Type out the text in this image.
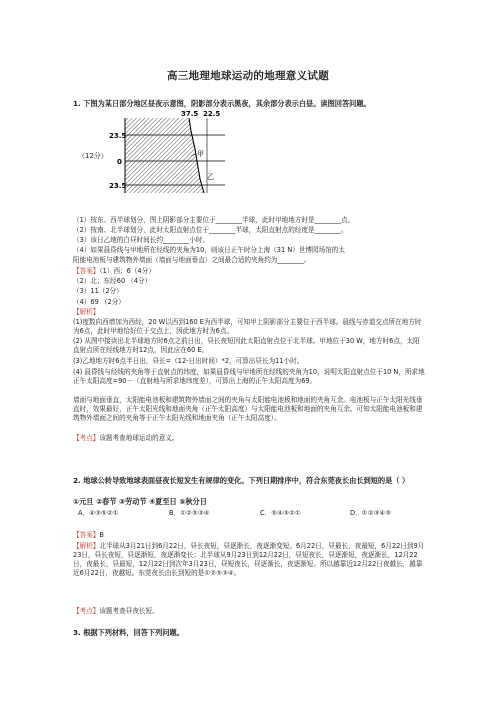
高三地理地球运动的地理意义试题
1. 下图为某日部分地区昼夜示意图，阴影部分表示黑夜，其余部分表示白昼。读图回答问题。
（12分）
37.5 22.5
23.5
0
23.5
甲
乙
（1）按东、西半球划分，图上阴影部分主要位于________半球，此时甲地地方时是________点。
（2）按南、北半球划分，此时太阳直射点位于________半球，太阳直射点的经度是________。
（3）该日乙地的白昼时间长约________小时。
（4）如果晨昏线与甲地所在经线的夹角为10，则该日正午时分上海（31 N）世博园场馆的太
阳能电池板与建筑物外墙面（墙面与地面垂直）之间最合适的夹角约为________。
【答案】（1）西；6（4分）
（2）北；东经60 （4分）
（3）11（2分）
（4）69 （2分）
【解析】
(1)度数向西增加为西经，20 W以西到160 E为西半球，可知甲上阴影部分主要位于西半球。晨线与赤道交点所在地方时为6点，此时甲地恰好位于交点上，因此地方时为6点。
(2) 从图中接读出北半球地方时6点之前日出，昼长夜短因此太阳直射点位于北半球。甲地位于30 W，地方时6点，太阳直射点所在经线地方时12点，因此应在60 E。
(3)乙地地方时6点半日出，昼长=（12-日出时间）*2，可算出昼长为11小时。
(4) 晨昏线与经线的夹角等于直射点的纬度，如果晨昏线与甲地所在经线的夹角为10，说明太阳直射点位于10 N，所求地正午太阳高度=90－（直射地与所求地纬度差），可算出上海的正午太阳高度为69。
墙面与地面垂直，太阳能电池板和建筑物外墙面之间的夹角与太阳能电池板和地面的夹角互余。电池板与正午太阳光线垂直时，效果最好，正午太阳光线和地面夹角（正午太阳高度）与太阳能电池板和地面的夹角互余。可知太阳能电池板和建筑物外墙面之间的夹角等于正午太阳光线和地面夹角（正午太阳高度）。
【考点】该题考查地球运动的意义。
2. 地球公转导致地球表面昼夜长短发生有规律的变化。下列日期排序中，符合东莞夜长由长到短的是（ ）
①元旦 ②春节 ③劳动节 ④夏至日 ⑤秋分日
A．④③⑤②①	B．①②⑤③④	C．⑤④③②①	D．①②③④⑤
【答案】B
【解析】北半球从3月21日到6月22日，昼长夜短，昼逐渐长，夜逐渐变短。6月22日，昼最长，夜最短，6月22日到9月23日，昼长夜短，昼逐渐短，夜逐渐变长；北半球从9月23日到12月22日，昼短夜长，昼逐渐短，夜逐渐长，12月22日，夜最长，昼最短，12月22日到次年3月23日，昼短夜长，昼逐渐长，夜逐渐短。所以越靠近12月22日夜越长，越靠近6月22日，夜越短。东莞夜长由长到短的是①②⑤③④。
【考点】该题考查昼夜长短。
3. 根据下列材料，回答下列问题。
